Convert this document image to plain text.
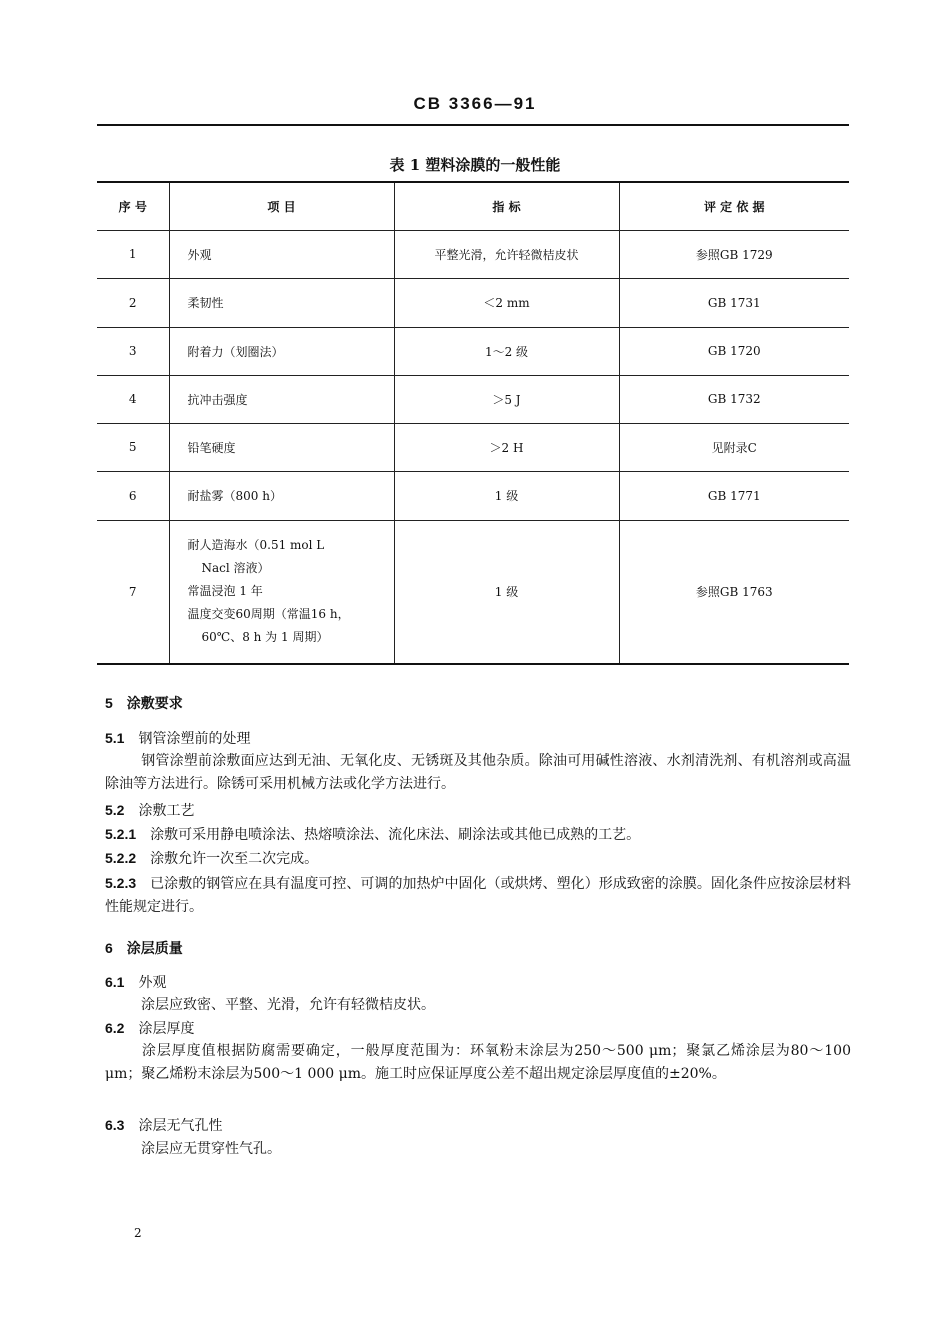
CB 3366—91
表 1 塑料涂膜的一般性能
序 号	项 目	指 标	评 定 依 据
1	外观	平整光滑，允许轻微桔皮状	参照GB 1729
2	柔韧性	＜2 mm	GB 1731
3	附着力（划圈法）	1～2 级	GB 1720
4	抗冲击强度	＞5 J	GB 1732
5	铅笔硬度	＞2 H	见附录C
6	耐盐雾（800 h）	1 级	GB 1771
7	耐人造海水（0.51 mol L
Nacl 溶液）
常温浸泡 1 年
温度交变60周期（常温16 h，
60℃、8 h 为 1 周期）	1 级	参照GB 1763
5 涂敷要求
5.1 钢管涂塑前的处理
钢管涂塑前涂敷面应达到无油、无氧化皮、无锈斑及其他杂质。除油可用碱性溶液、水剂清洗剂、有机溶剂或高温除油等方法进行。除锈可采用机械方法或化学方法进行。
5.2 涂敷工艺
5.2.1 涂敷可采用静电喷涂法、热熔喷涂法、流化床法、刷涂法或其他已成熟的工艺。
5.2.2 涂敷允许一次至二次完成。
5.2.3 已涂敷的钢管应在具有温度可控、可调的加热炉中固化（或烘烤、塑化）形成致密的涂膜。固化条件应按涂层材料性能规定进行。
6 涂层质量
6.1 外观
涂层应致密、平整、光滑，允许有轻微桔皮状。
6.2 涂层厚度
涂层厚度值根据防腐需要确定，一般厚度范围为：环氧粉末涂层为250～500 μm；聚氯乙烯涂层为80～100 μm；聚乙烯粉末涂层为500～1 000 μm。施工时应保证厚度公差不超出规定涂层厚度值的±20%。
6.3 涂层无气孔性
涂层应无贯穿性气孔。
2
